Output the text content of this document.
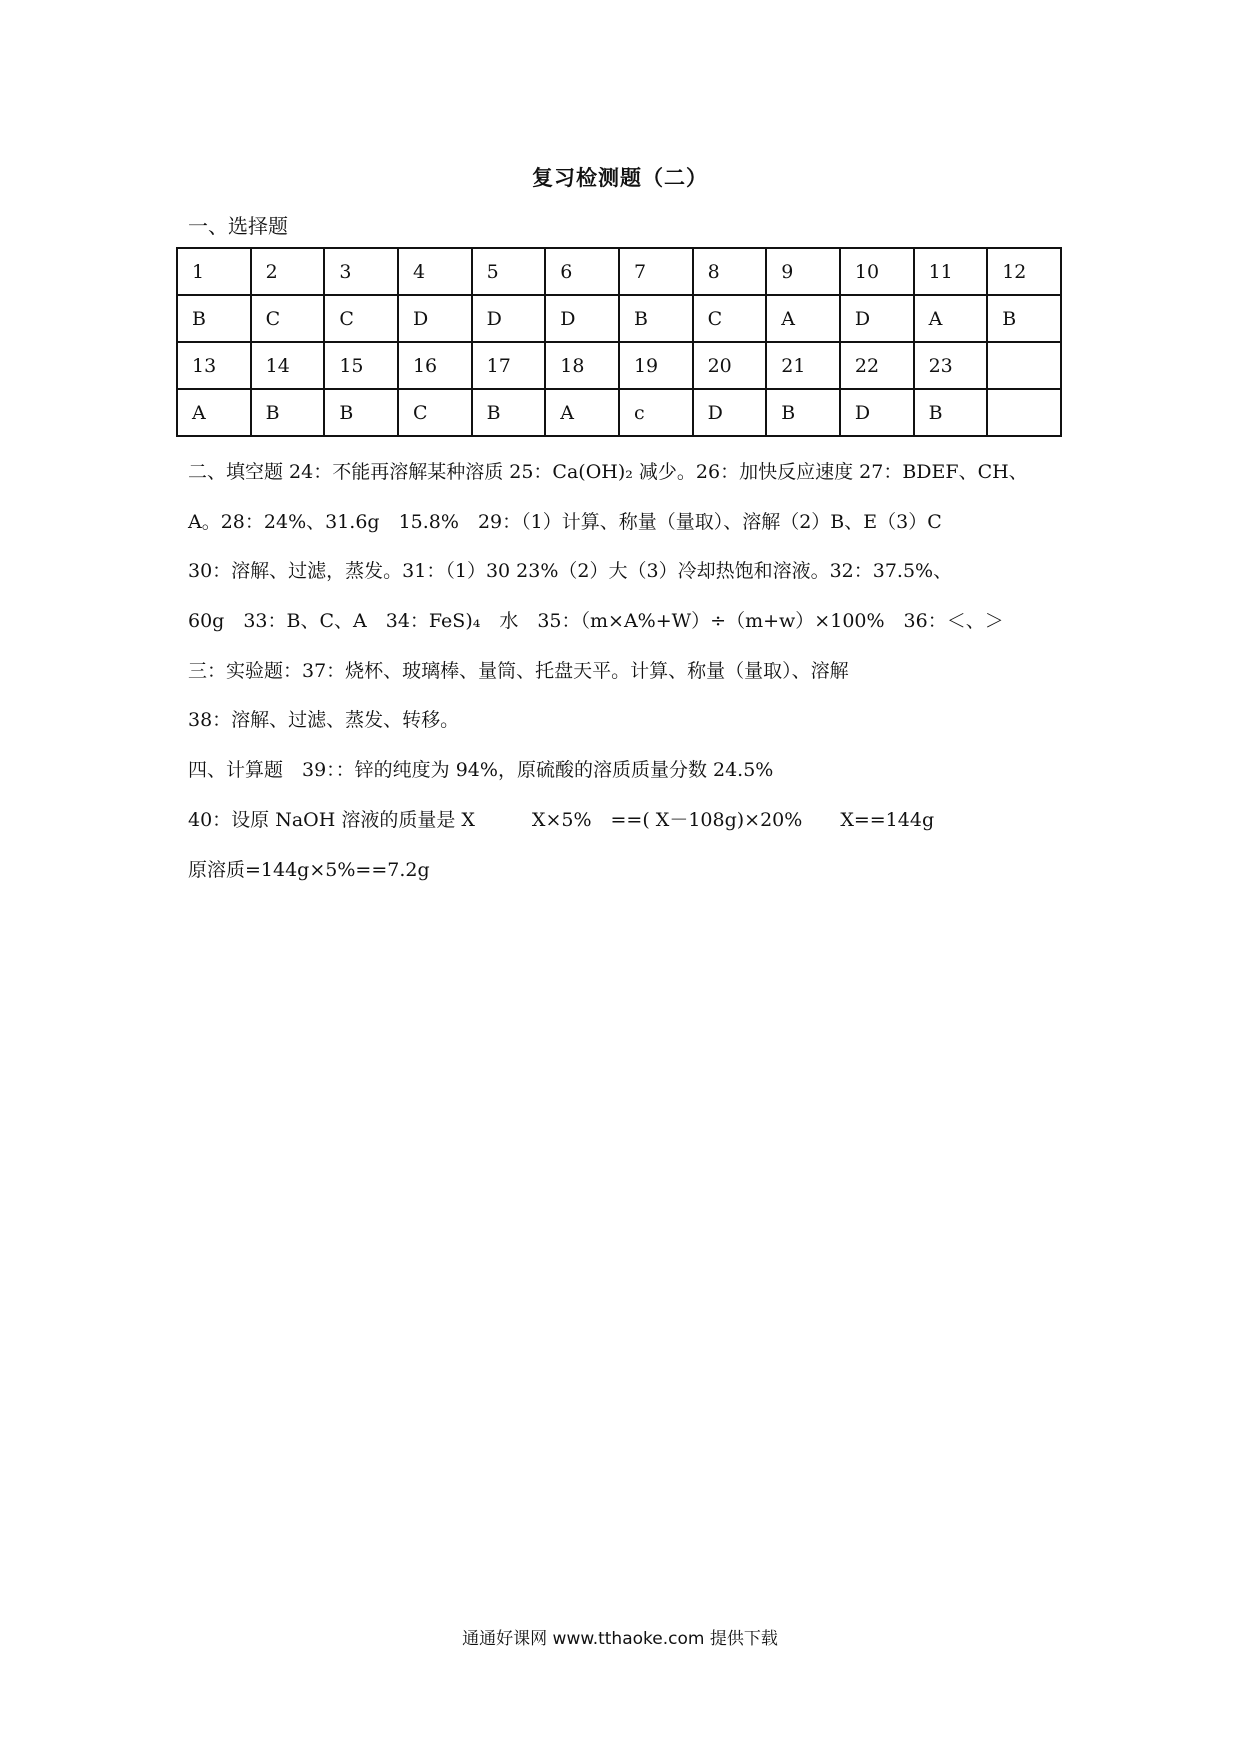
复习检测题（二）
一、选择题
1	2	3	4	5	6	7	8	9	10	11	12
B	C	C	D	D	D	B	C	A	D	A	B
13	14	15	16	17	18	19	20	21	22	23	
A	B	B	C	B	A	c	D	B	D	B	
二、填空题 24：不能再溶解某种溶质 25：Ca(OH)₂ 减少。26：加快反应速度 27：BDEF、CH、
A。28：24%、31.6g　15.8%　29：（1）计算、称量（量取）、溶解（2）B、E（3）C
30：溶解、过滤，蒸发。31：（1）30 23%（2）大（3）冷却热饱和溶液。32：37.5%、
60g　33：B、C、A　34：FeS)₄　水　35：（m×A%+W）÷（m+w）×100%　36：＜、＞
三：实验题：37：烧杯、玻璃棒、量筒、托盘天平。计算、称量（量取）、溶解
38：溶解、过滤、蒸发、转移。
四、计算题　39：：锌的纯度为 94%，原硫酸的溶质质量分数 24.5%
40：设原 NaOH 溶液的质量是 X　　　X×5%　==( X－108g)×20%　　X==144g
原溶质=144g×5%==7.2g
通通好课网 www.tthaoke.com 提供下载
